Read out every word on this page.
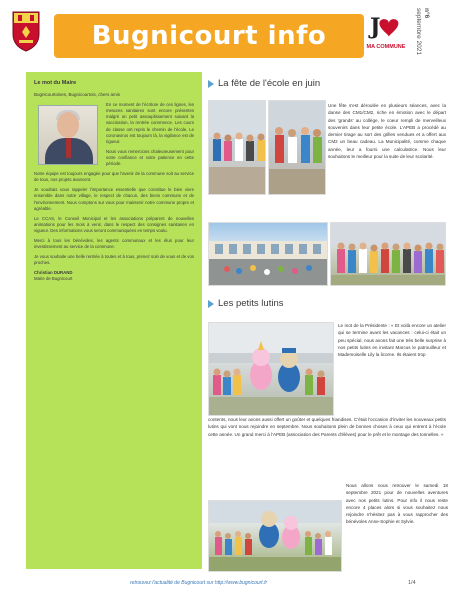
Bugnicourt info J
MA COMMUNE	septembre 2021 n°6
Le mot du Maire
Bugnicourtoises, Bugnicourtois, chers amis

En ce moment de l'écriture de ces lignes, les mesures sanitaires sont encore présentes malgré un petit assouplissement suivant la vaccination, la rentrée commence. Les cours de classe ont repris le chemin de l'école. Le coronavirus est toujours là, la vigilance est de rigueur.

Nous vous remercions chaleureusement pour votre confiance et votre patience en cette période.

Notre équipe est toujours engagée pour que l'avenir de la commune soit au service de tous, nos projets avancent.

Je voudrais vous rappeler l'importance essentielle que constitue le bien vivre ensemble dans notre village, le respect de chacun, des biens communs et de l'environnement. Nous comptons sur vous pour maintenir notre commune propre et agréable.

Le CCAS, le Conseil Municipal et les associations préparent de nouvelles animations pour les mois à venir, dans le respect des consignes sanitaires en vigueur. Des informations vous seront communiquées en temps voulu.

Merci à tous les bénévoles, les agents communaux et les élus pour leur investissement au service de la commune.

Je vous souhaite une belle rentrée à toutes et à tous, prenez soin de vous et de vos proches.

Christian DURAND
Maire de Bugnicourt
La fête de l'école en juin
Une fête s'est déroulée en plusieurs séances, avec la danse des CM1/CM2, riche en émotion avec le départ des 'grands' au collège, le coeur rempli de merveilleux souvenirs dans leur petite école. L'APEB a procédé au dernier tirage au sort des grilles vendues et a offert aux CM2 un beau cadeau. La Municipalité, comme chaque année, leur a fourni une calculatrice. Nous leur souhaitons le meilleur pour la suite de leur scolarité.
Les petits lutins
Le mot de la Présidente : « Et voilà encore un atelier qui se termine avant les vacances : celui-ci était un peu spécial, nous avons fait une très belle surprise à nos petits lutins en invitant Marcus le patrouilleur et Mademoiselle Lily la licorne. Ils étaient trop
contents, nous leur avons aussi offert un goûter et quelques friandises. C'était l'occasion d'inviter les nouveaux petits lutins qui vont nous rejoindre en septembre. Nous souhaitons plein de bonnes choses à ceux qui entrent à l'école cette année. Un grand merci à l'APEB (association des Parents d'élèves) pour le prêt et le montage des tonnelles. »
Nous allons nous retrouver le samedi 18 septembre 2021 pour de nouvelles aventures avec nos petits lutins. Pour info il nous reste encore 4 places alors si vous souhaitez nous rejoindre n'hésitez pas à vous rapprocher des bénévoles Anne-Sophie et Sylvie.
retrouvez l'actualité de Bugnicourt sur http://www.bugnicourt.fr	1/4
